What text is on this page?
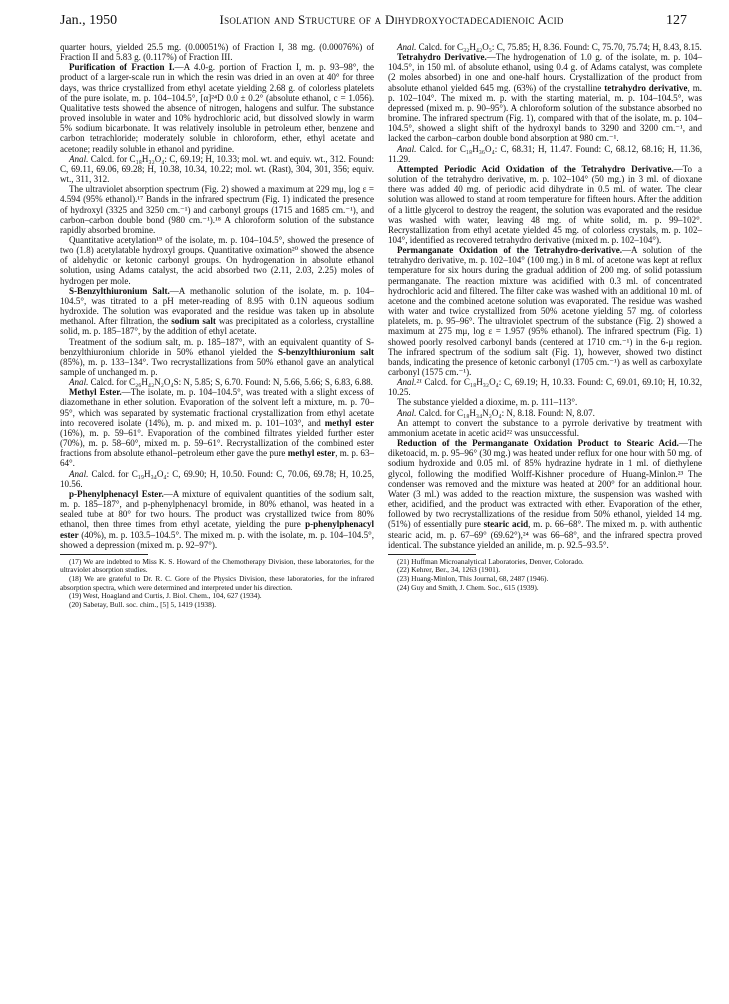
Jan., 1950	Isolation and Structure of a Dihydroxyoctadecadienoic Acid	127

quarter hours, yielded 25.5 mg. (0.00051%) of Fraction I, 38 mg. (0.00076%) of Fraction II and 5.83 g. (0.117%) of Fraction III.

Purification of Fraction I.—A 4.0-g. portion of Fraction I, m. p. 93–98°, the product of a larger-scale run in which the resin was dried in an oven at 40° for three days, was thrice crystallized from ethyl acetate yielding 2.68 g. of colorless platelets of the pure isolate, m. p. 104–104.5°, [α]²⁴D 0.0 ± 0.2° (absolute ethanol, c = 1.056). Qualitative tests showed the absence of nitrogen, halogens and sulfur. The substance proved insoluble in water and 10% hydrochloric acid, but dissolved slowly in warm 5% sodium bicarbonate. It was relatively insoluble in petroleum ether, benzene and carbon tetrachloride; moderately soluble in chloroform, ether, ethyl acetate and acetone; readily soluble in ethanol and pyridine.

Anal. Calcd. for C₁₈H₃₂O₄: C, 69.19; H, 10.33; mol. wt. and equiv. wt., 312. Found: C, 69.11, 69.06, 69.28; H, 10.38, 10.34, 10.22; mol. wt. (Rast), 304, 301, 356; equiv. wt., 311, 312.

The ultraviolet absorption spectrum (Fig. 2) showed a maximum at 229 mμ, log ε = 4.594 (95% ethanol).¹⁷ Bands in the infrared spectrum (Fig. 1) indicated the presence of hydroxyl (3325 and 3250 cm.⁻¹) and carbonyl groups (1715 and 1685 cm.⁻¹), and carbon–carbon double bond (980 cm.⁻¹).¹⁸ A chloroform solution of the substance rapidly absorbed bromine.

Quantitative acetylation¹⁹ of the isolate, m. p. 104–104.5°, showed the presence of two (1.8) acetylatable hydroxyl groups. Quantitative oximation²⁰ showed the absence of aldehydic or ketonic carbonyl groups. On hydrogenation in absolute ethanol solution, using Adams catalyst, the acid absorbed two (2.11, 2.03, 2.25) moles of hydrogen per mole.

S-Benzylthiuronium Salt.—A methanolic solution of the isolate, m. p. 104–104.5°, was titrated to a pH meter-reading of 8.95 with 0.1N aqueous sodium hydroxide. The solution was evaporated and the residue was taken up in absolute methanol. After filtration, the sodium salt was precipitated as a colorless, crystalline solid, m. p. 185–187°, by the addition of ethyl acetate.

Treatment of the sodium salt, m. p. 185–187°, with an equivalent quantity of S-benzylthiuronium chloride in 50% ethanol yielded the S-benzylthiuronium salt (85%), m. p. 133–134°. Two recrystallizations from 50% ethanol gave an analytical sample of unchanged m. p.

Anal. Calcd. for C₂₆H₄₂N₂O₄S: N, 5.85; S, 6.70. Found: N, 5.66, 5.66; S, 6.83, 6.88.

Methyl Ester.—The isolate, m. p. 104–104.5°, was treated with a slight excess of diazomethane in ether solution. Evaporation of the solvent left a mixture, m. p. 70–95°, which was separated by systematic fractional crystallization from ethyl acetate into recovered isolate (14%), m. p. and mixed m. p. 101–103°, and methyl ester (16%), m. p. 59–61°. Evaporation of the combined filtrates yielded further ester (70%), m. p. 58–60°, mixed m. p. 59–61°. Recrystallization of the combined ester fractions from absolute ethanol–petroleum ether gave the pure methyl ester, m. p. 63–64°.

Anal. Calcd. for C₁₉H₃₄O₄: C, 69.90; H, 10.50. Found: C, 70.06, 69.78; H, 10.25, 10.56.

p-Phenylphenacyl Ester.—A mixture of equivalent quantities of the sodium salt, m. p. 185–187°, and p-phenylphenacyl bromide, in 80% ethanol, was heated in a sealed tube at 80° for two hours. The product was crystallized twice from 80% ethanol, then three times from ethyl acetate, yielding the pure p-phenylphenacyl ester (40%), m. p. 103.5–104.5°. The mixed m. p. with the isolate, m. p. 104–104.5°, showed a depression (mixed m. p. 92–97°).

(17) We are indebted to Miss K. S. Howard of the Chemotherapy Division, these laboratories, for the ultraviolet absorption studies.

(18) We are grateful to Dr. R. C. Gore of the Physics Division, these laboratories, for the infrared absorption spectra, which were determined and interpreted under his direction.

(19) West, Hoagland and Curtis, J. Biol. Chem., 104, 627 (1934).

(20) Sabetay, Bull. soc. chim., [5] 5, 1419 (1938).

Anal. Calcd. for C₃₂H₄₂O₅: C, 75.85; H, 8.36. Found: C, 75.70, 75.74; H, 8.43, 8.15.

Tetrahydro Derivative.—The hydrogenation of 1.0 g. of the isolate, m. p. 104–104.5°, in 150 ml. of absolute ethanol, using 0.4 g. of Adams catalyst, was complete (2 moles absorbed) in one and one-half hours. Crystallization of the product from absolute ethanol yielded 645 mg. (63%) of the crystalline tetrahydro derivative, m. p. 102–104°. The mixed m. p. with the starting material, m. p. 104–104.5°, was depressed (mixed m. p. 90–95°). A chloroform solution of the substance absorbed no bromine. The infrared spectrum (Fig. 1), compared with that of the isolate, m. p. 104–104.5°, showed a slight shift of the hydroxyl bands to 3290 and 3200 cm.⁻¹, and lacked the carbon–carbon double bond absorption at 980 cm.⁻¹.

Anal. Calcd. for C₁₈H₃₆O₄: C, 68.31; H, 11.47. Found: C, 68.12, 68.16; H, 11.36, 11.29.

Attempted Periodic Acid Oxidation of the Tetrahydro Derivative.—To a solution of the tetrahydro derivative, m. p. 102–104° (50 mg.) in 3 ml. of dioxane there was added 40 mg. of periodic acid dihydrate in 0.5 ml. of water. The clear solution was allowed to stand at room temperature for fifteen hours. After the addition of a little glycerol to destroy the reagent, the solution was evaporated and the residue was washed with water, leaving 48 mg. of white solid, m. p. 99–102°. Recrystallization from ethyl acetate yielded 45 mg. of colorless crystals, m. p. 102–104°, identified as recovered tetrahydro derivative (mixed m. p. 102–104°).

Permanganate Oxidation of the Tetrahydro-derivative.—A solution of the tetrahydro derivative, m. p. 102–104° (100 mg.) in 8 ml. of acetone was kept at reflux temperature for six hours during the gradual addition of 200 mg. of solid potassium permanganate. The reaction mixture was acidified with 0.3 ml. of concentrated hydrochloric acid and filtered. The filter cake was washed with an additional 10 ml. of acetone and the combined acetone solution was evaporated. The residue was washed with water and twice crystallized from 50% acetone yielding 57 mg. of colorless platelets, m. p. 95–96°. The ultraviolet spectrum of the substance (Fig. 2) showed a maximum at 275 mμ, log ε = 1.957 (95% ethanol). The infrared spectrum (Fig. 1) showed poorly resolved carbonyl bands (centered at 1710 cm.⁻¹) in the 6-μ region. The infrared spectrum of the sodium salt (Fig. 1), however, showed two distinct bands, indicating the presence of ketonic carbonyl (1705 cm.⁻¹) as well as carboxylate carbonyl (1575 cm.⁻¹).

Anal.²¹ Calcd. for C₁₈H₃₂O₄: C, 69.19; H, 10.33. Found: C, 69.01, 69.10; H, 10.32, 10.25.

The substance yielded a dioxime, m. p. 111–113°.

Anal. Calcd. for C₁₈H₃₄N₂O₄: N, 8.18. Found: N, 8.07.

An attempt to convert the substance to a pyrrole derivative by treatment with ammonium acetate in acetic acid²² was unsuccessful.

Reduction of the Permanganate Oxidation Product to Stearic Acid.—The diketoacid, m. p. 95–96° (30 mg.) was heated under reflux for one hour with 50 mg. of sodium hydroxide and 0.05 ml. of 85% hydrazine hydrate in 1 ml. of diethylene glycol, following the modified Wolff-Kishner procedure of Huang-Minlon.²³ The condenser was removed and the mixture was heated at 200° for an additional hour. Water (3 ml.) was added to the reaction mixture, the suspension was washed with ether, acidified, and the product was extracted with ether. Evaporation of the ether, followed by two recrystallizations of the residue from 50% ethanol, yielded 14 mg. (51%) of essentially pure stearic acid, m. p. 66–68°. The mixed m. p. with authentic stearic acid, m. p. 67–69° (69.62°),²⁴ was 66–68°, and the infrared spectra proved identical. The substance yielded an anilide, m. p. 92.5–93.5°.

(21) Huffman Microanalytical Laboratories, Denver, Colorado.

(22) Kehrer, Ber., 34, 1263 (1901).

(23) Huang-Minlon, This Journal, 68, 2487 (1946).

(24) Guy and Smith, J. Chem. Soc., 615 (1939).
